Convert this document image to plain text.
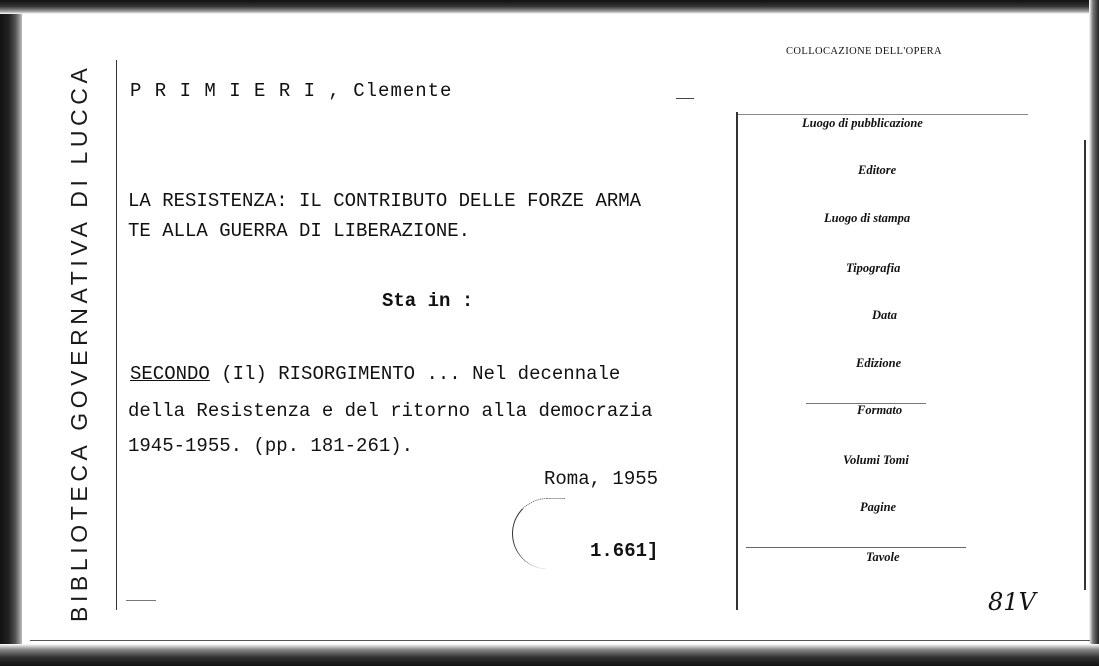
BIBLIOTECA GOVERNATIVA DI LUCCA P R I M I E R I , Clemente
LA RESISTENZA: IL CONTRIBUTO DELLE FORZE ARMA
TE ALLA GUERRA DI LIBERAZIONE.
Sta in :
SECONDO (Il) RISORGIMENTO ... Nel decennale
della Resistenza e del ritorno alla democrazia
1945-1955. (pp. 181-261).
Roma, 1955
1.661]
COLLOCAZIONE DELL'OPERA
Luogo di pubblicazione
Editore
Luogo di stampa
Tipografia
Data
Edizione
Formato
Volumi Tomi
Pagine
Tavole
81V
